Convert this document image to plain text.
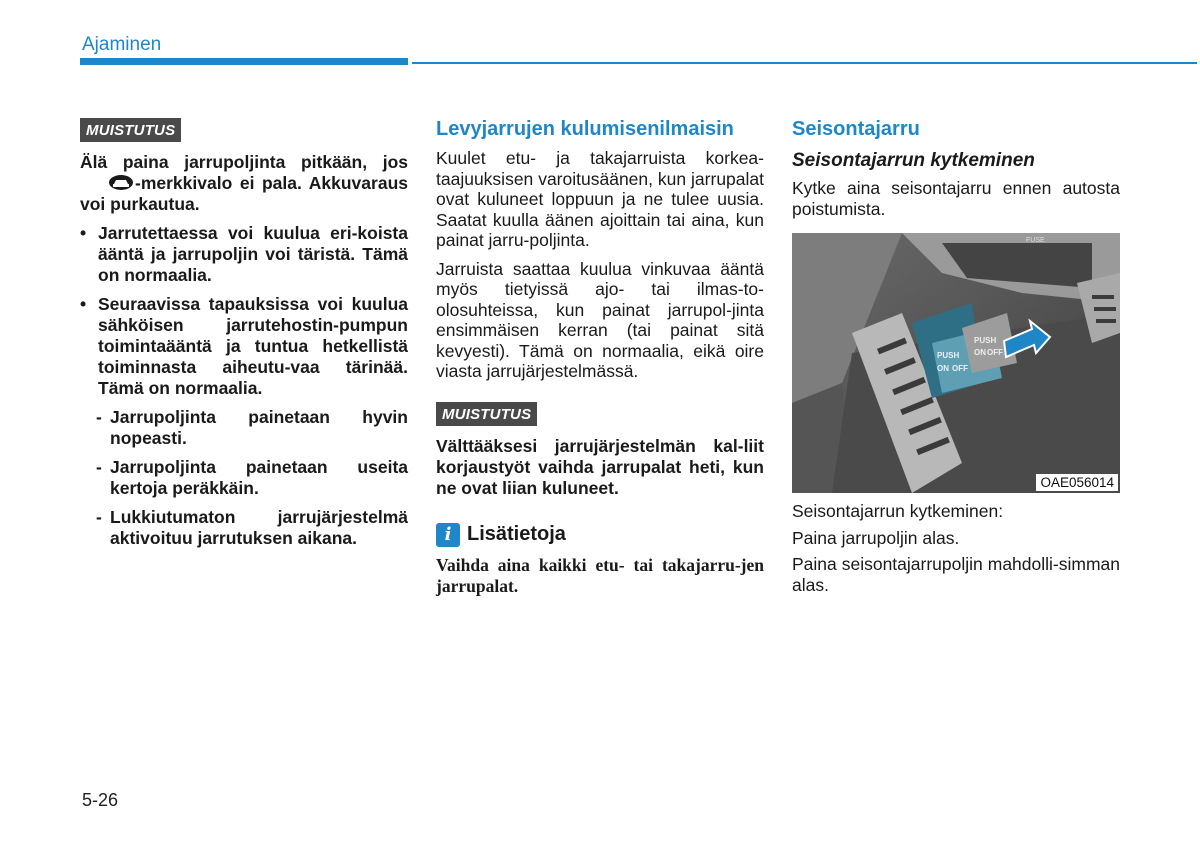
Ajaminen
MUISTUTUS
Älä paina jarrupoljinta pitkään, jos-merkkivalo ei pala. Akkuvaraus voi purkautua.
• Jarrutettaessa voi kuulua eri-koista ääntä ja jarrupoljin voi täristä. Tämä on normaalia.
• Seuraavissa tapauksissa voi kuulua sähköisen jarrutehostin-pumpun toimintaääntä ja tuntua hetkellistä toiminnasta aiheutu-vaa tärinää. Tämä on normaalia.
- Jarrupoljinta painetaan hyvin nopeasti.
- Jarrupoljinta painetaan useita kertoja peräkkäin.
- Lukkiutumaton jarrujärjestelmä aktivoituu jarrutuksen aikana.
Levyjarrujen kulumisenilmaisin
Kuulet etu- ja takajarruista korkea-taajuuksisen varoitusäänen, kun jarrupalat ovat kuluneet loppuun ja ne tulee uusia. Saatat kuulla äänen ajoittain tai aina, kun painat jarru-poljinta.
Jarruista saattaa kuulua vinkuvaa ääntä myös tietyissä ajo- tai ilmas-to-olosuhteissa, kun painat jarrupol-jinta ensimmäisen kerran (tai painat sitä kevyesti). Tämä on normaalia, eikä oire viasta jarrujärjestelmässä.
MUISTUTUS
Välttääksesi jarrujärjestelmän kal-liit korjaustyöt vaihda jarrupalat heti, kun ne ovat liian kuluneet.
i Lisätietoja
Vaihda aina kaikki etu- tai takajarru-jen jarrupalat.
Seisontajarru
Seisontajarrun kytkeminen
Kytke aina seisontajarru ennen autosta poistumista.
FUSE
PUSH
ON OFF
PUSH
ON OFF
OAE056014
Seisontajarrun kytkeminen:
Paina jarrupoljin alas.
Paina seisontajarrupoljin mahdolli-simman alas.
5-26
